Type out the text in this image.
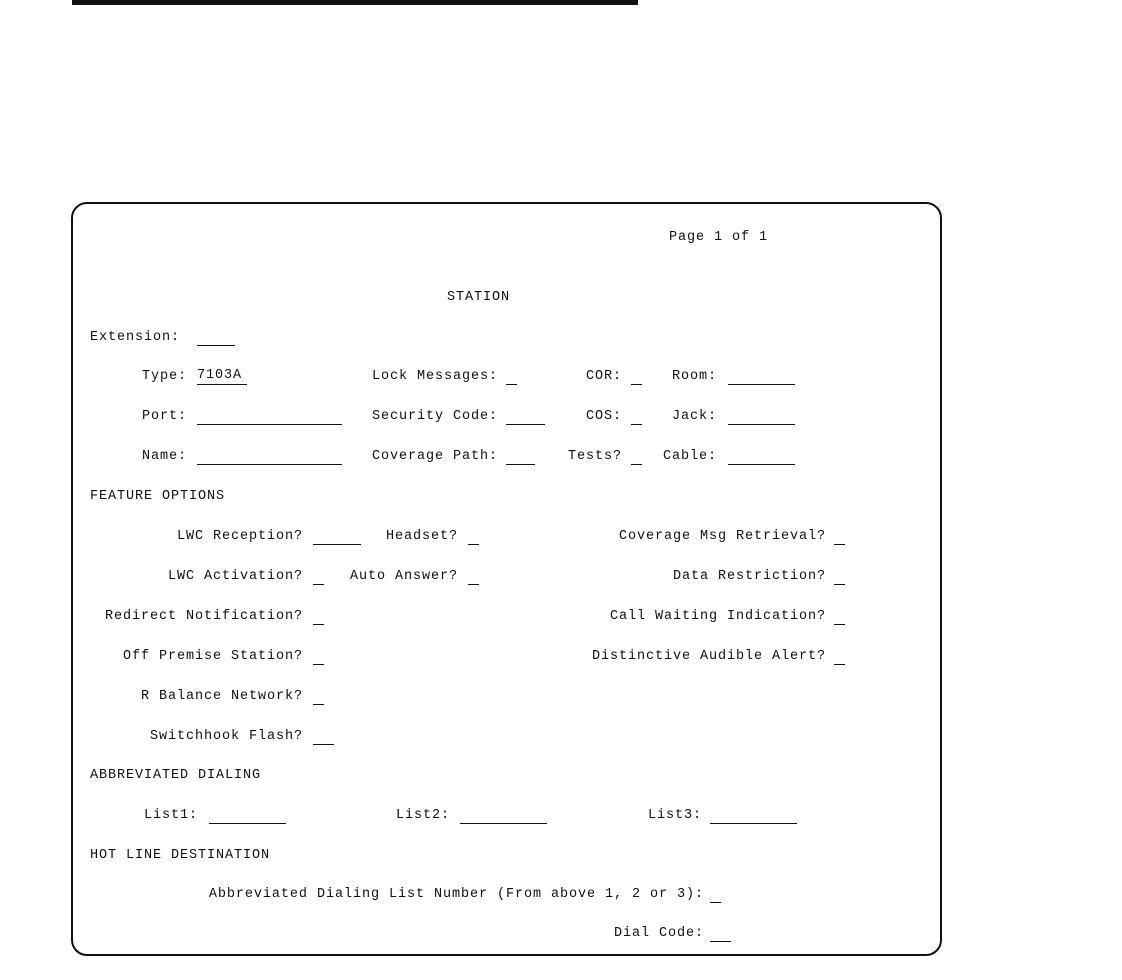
Page 1 of 1
STATION
Extension:
Type: 7103A	Lock Messages:	COR:	Room:
Port:	Security Code:	COS:	Jack:
Name:	Coverage Path:	Tests?	Cable:
FEATURE OPTIONS
LWC Reception?	Headset?	Coverage Msg Retrieval?
LWC Activation?	Auto Answer?	Data Restriction?
Redirect Notification?	Call Waiting Indication?
Off Premise Station?	Distinctive Audible Alert?
R Balance Network?
Switchhook Flash?
ABBREVIATED DIALING
List1:	List2:	List3:
HOT LINE DESTINATION
Abbreviated Dialing List Number (From above 1, 2 or 3):
Dial Code:
